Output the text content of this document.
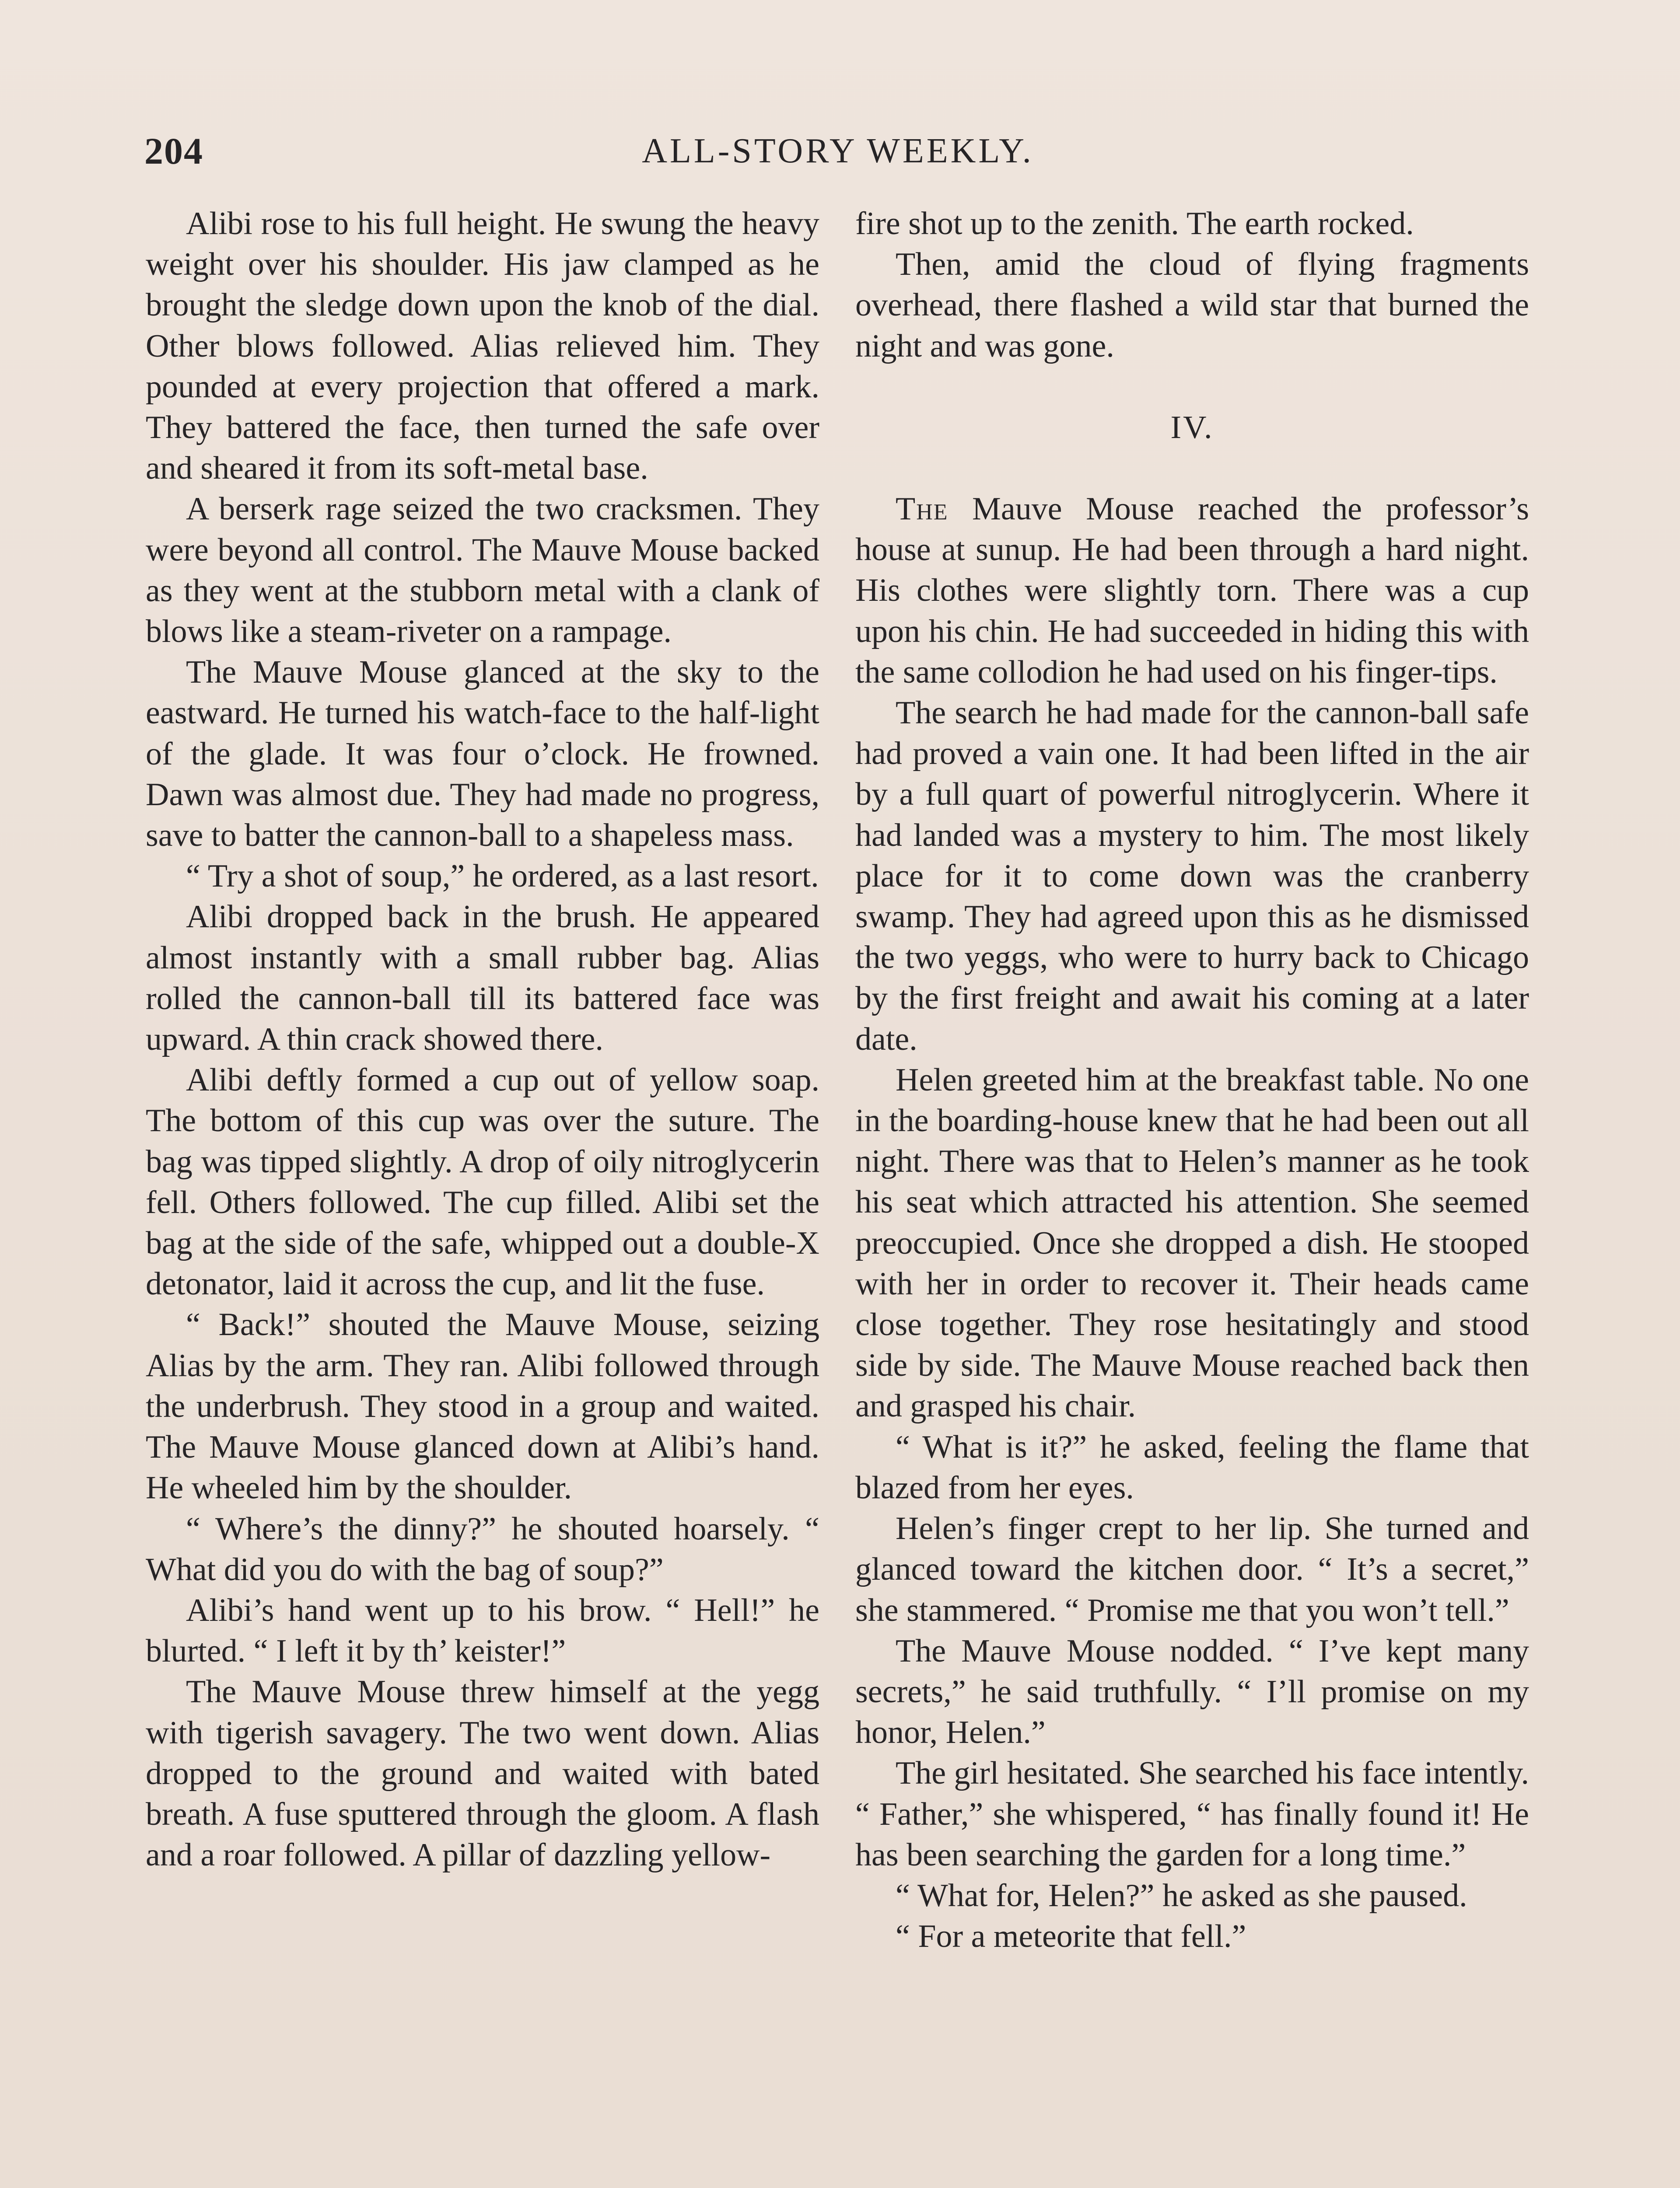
204	ALL-STORY WEEKLY.

Alibi rose to his full height. He swung the heavy weight over his shoulder. His jaw clamped as he brought the sledge down upon the knob of the dial. Other blows followed. Alias relieved him. They pounded at every projection that offered a mark. They battered the face, then turned the safe over and sheared it from its soft-metal base.

A berserk rage seized the two cracksmen. They were beyond all control. The Mauve Mouse backed as they went at the stubborn metal with a clank of blows like a steam-riveter on a rampage.

The Mauve Mouse glanced at the sky to the eastward. He turned his watch-face to the half-light of the glade. It was four o’clock. He frowned. Dawn was almost due. They had made no progress, save to batter the cannon-ball to a shapeless mass.

“ Try a shot of soup,” he ordered, as a last resort.

Alibi dropped back in the brush. He appeared almost instantly with a small rubber bag. Alias rolled the cannon-ball till its battered face was upward. A thin crack showed there.

Alibi deftly formed a cup out of yellow soap. The bottom of this cup was over the suture. The bag was tipped slightly. A drop of oily nitroglycerin fell. Others followed. The cup filled. Alibi set the bag at the side of the safe, whipped out a double-X detonator, laid it across the cup, and lit the fuse.

“ Back!” shouted the Mauve Mouse, seizing Alias by the arm. They ran. Alibi followed through the underbrush. They stood in a group and waited. The Mauve Mouse glanced down at Alibi’s hand. He wheeled him by the shoulder.

“ Where’s the dinny?” he shouted hoarsely. “ What did you do with the bag of soup?”

Alibi’s hand went up to his brow. “ Hell!” he blurted. “ I left it by th’ keister!”

The Mauve Mouse threw himself at the yegg with tigerish savagery. The two went down. Alias dropped to the ground and waited with bated breath. A fuse sputtered through the gloom. A flash and a roar followed. A pillar of dazzling yellow-

fire shot up to the zenith. The earth rocked.

Then, amid the cloud of flying fragments overhead, there flashed a wild star that burned the night and was gone.

IV.

The Mauve Mouse reached the professor’s house at sunup. He had been through a hard night. His clothes were slightly torn. There was a cup upon his chin. He had succeeded in hiding this with the same collodion he had used on his finger-tips.

The search he had made for the cannon-ball safe had proved a vain one. It had been lifted in the air by a full quart of powerful nitroglycerin. Where it had landed was a mystery to him. The most likely place for it to come down was the cranberry swamp. They had agreed upon this as he dismissed the two yeggs, who were to hurry back to Chicago by the first freight and await his coming at a later date.

Helen greeted him at the breakfast table. No one in the boarding-house knew that he had been out all night. There was that to Helen’s manner as he took his seat which attracted his attention. She seemed preoccupied. Once she dropped a dish. He stooped with her in order to recover it. Their heads came close together. They rose hesitatingly and stood side by side. The Mauve Mouse reached back then and grasped his chair.

“ What is it?” he asked, feeling the flame that blazed from her eyes.

Helen’s finger crept to her lip. She turned and glanced toward the kitchen door. “ It’s a secret,” she stammered. “ Promise me that you won’t tell.”

The Mauve Mouse nodded. “ I’ve kept many secrets,” he said truthfully. “ I’ll promise on my honor, Helen.”

The girl hesitated. She searched his face intently. “ Father,” she whispered, “ has finally found it! He has been searching the garden for a long time.”

“ What for, Helen?” he asked as she paused.

“ For a meteorite that fell.”
